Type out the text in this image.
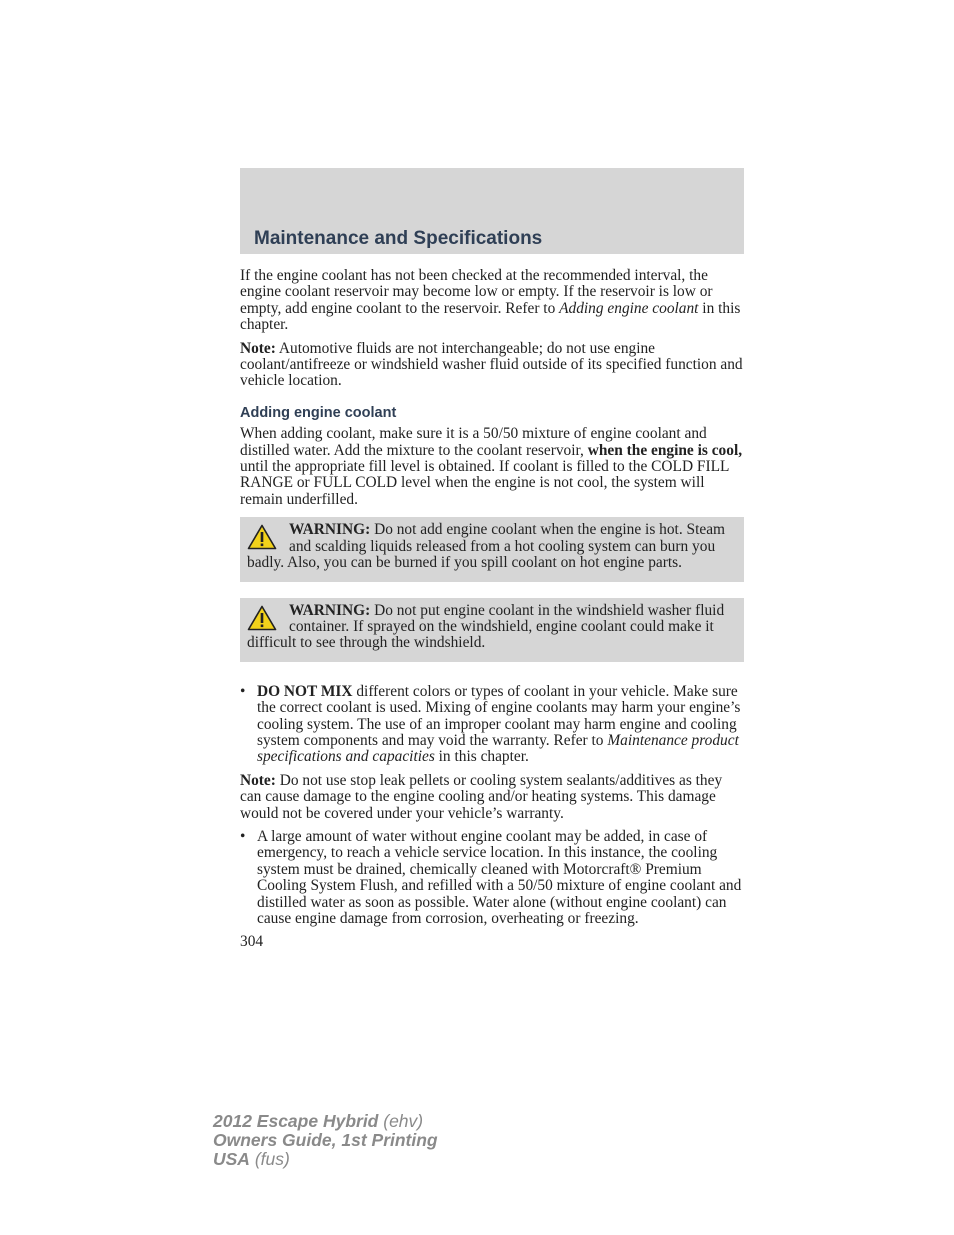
Maintenance and Specifications

If the engine coolant has not been checked at the recommended interval, the engine coolant reservoir may become low or empty. If the reservoir is low or empty, add engine coolant to the reservoir. Refer to Adding engine coolant in this chapter.

Note: Automotive fluids are not interchangeable; do not use engine coolant/antifreeze or windshield washer fluid outside of its specified function and vehicle location.

Adding engine coolant

When adding coolant, make sure it is a 50/50 mixture of engine coolant and distilled water. Add the mixture to the coolant reservoir, when the engine is cool, until the appropriate fill level is obtained. If coolant is filled to the COLD FILL RANGE or FULL COLD level when the engine is not cool, the system will remain underfilled.

WARNING: Do not add engine coolant when the engine is hot. Steam and scalding liquids released from a hot cooling system can burn you badly. Also, you can be burned if you spill coolant on hot engine parts.
WARNING: Do not put engine coolant in the windshield washer fluid container. If sprayed on the windshield, engine coolant could make it difficult to see through the windshield.
• DO NOT MIX different colors or types of coolant in your vehicle. Make sure the correct coolant is used. Mixing of engine coolants may harm your engine’s cooling system. The use of an improper coolant may harm engine and cooling system components and may void the warranty. Refer to Maintenance product specifications and capacities in this chapter.

Note: Do not use stop leak pellets or cooling system sealants/additives as they can cause damage to the engine cooling and/or heating systems. This damage would not be covered under your vehicle’s warranty.

• A large amount of water without engine coolant may be added, in case of emergency, to reach a vehicle service location. In this instance, the cooling system must be drained, chemically cleaned with Motorcraft® Premium Cooling System Flush, and refilled with a 50/50 mixture of engine coolant and distilled water as soon as possible. Water alone (without engine coolant) can cause engine damage from corrosion, overheating or freezing.
304
2012 Escape Hybrid (ehv)
Owners Guide, 1st Printing
USA (fus)
